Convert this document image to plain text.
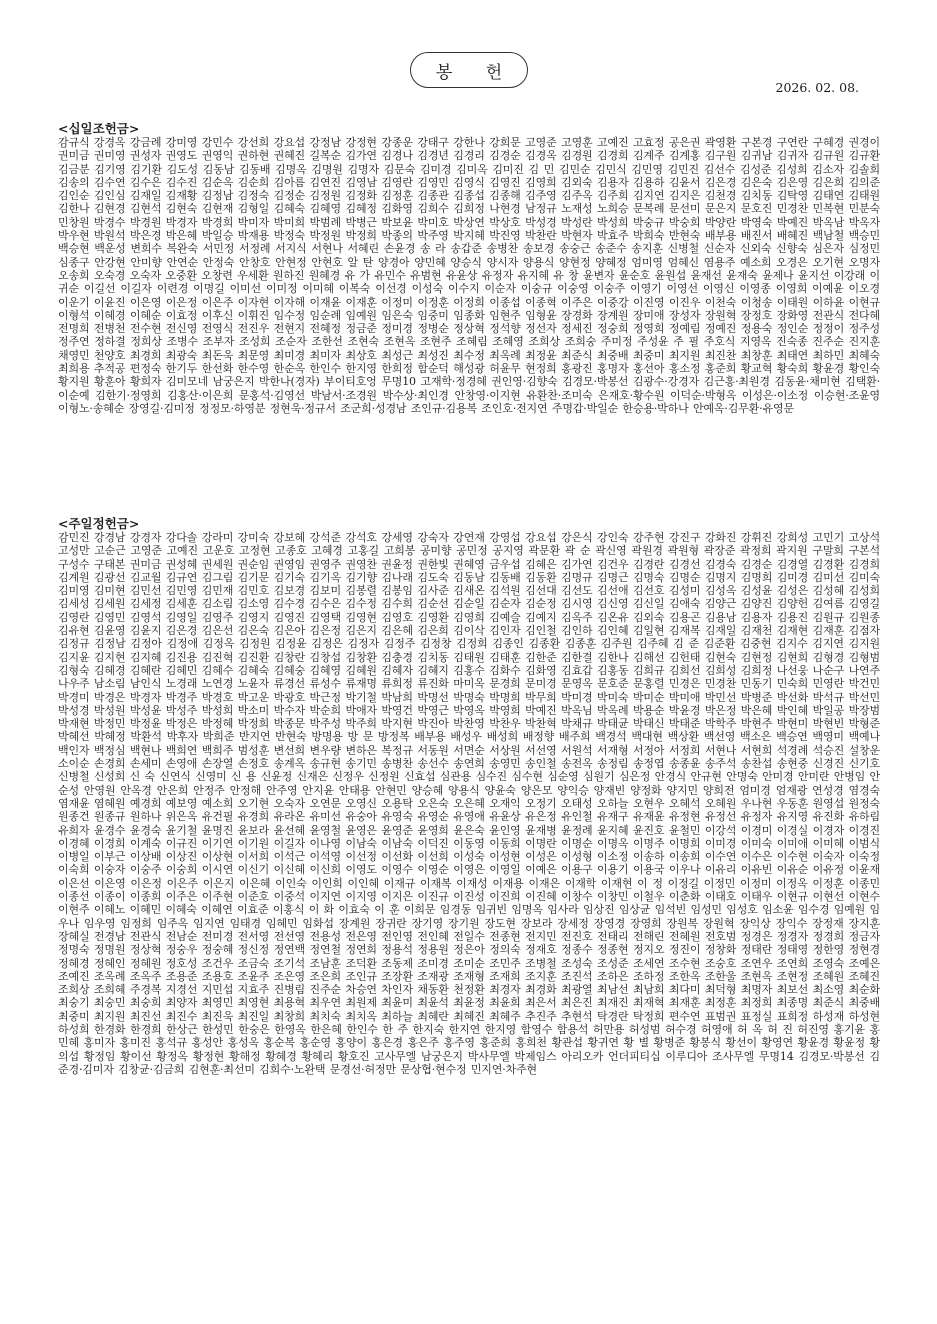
봉 헌
2026. 02. 08.
<십일조헌금>
감규식 강경옥 강금례 강미영 강민수 강선희 강요섭 강정남 강정현 강종운 강태구 강한나 강희문 고영준 고영훈 고예진 고효정 공은권 곽영환 구본경 구연란 구혜경 권경이 권미금 권미영 권성자 권영도 권영익 권하현 권혜진 길복순 김가연 김경나 김경년 김경리 김경순 김경옥 김경원 김경희 김계주 김계홍 김구원 김귀남 김귀자 김규원 김규환 김금분 김기영 김기환 김도성 김동남 김동배 김명옥 김명원 김명자 김문숙 김미경 김미옥 김미진 김 민 김민순 김민식 김민영 김민진 김선수 김성준 김성희 김소자 김솔희 김송의 김수연 김수은 김수진 김순옥 김순희 김아름 김연진 김영남 김영란 김영민 김영식 김영진 김영희 김외숙 김용자 김용하 김윤서 김은경 김은숙 김은영 김은희 김의준 김인순 김인심 김재일 김재황 김정남 김정숙 김정순 김정원 김정화 김정훈 김종관 김종섭 김종해 김주영 김주옥 김주희 김지연 김지은 김천경 김치동 김탁영 김태연 김태원 김한나 김현경 김현석 김현숙 김현재 김형일 김혜숙 김혜영 김혜정 김화영 김희수 김희정 나현경 남정규 노재성 노희승 문복례 문선미 문은지 문호진 민경찬 민복현 민분숙 민창원 박경수 박경원 박경자 박경희 박미자 박미희 박범례 박병근 박보윤 박미호 박상연 박상호 박성경 박성란 박성희 박숭규 박숭희 박양란 박영숙 박예진 박옥남 박옥자 박우현 박원석 박은경 박은혜 박일승 박재용 박정숙 박정원 박정희 박종의 박주영 박지혜 박진영 박찬란 박현자 박효주 박희숙 반현숙 배부용 배진서 배혜진 백남철 백승민 백승현 백운성 변희수 복완숙 서민정 서정례 서지식 서현나 서혜린 손윤경 송 라 송갑준 송병찬 송보경 송숭근 송준수 송지훈 신병철 신순자 신외숙 신향숙 심은자 심정민 심종구 안강현 안미향 안연순 안정숙 안창호 안현정 안현호 알 탄 양경아 양민혜 양승식 양시자 양용식 양현정 양혜정 엄미영 엄혜신 염용주 예소희 오경은 오기현 오명자 오송희 오숙경 오숙자 오중환 오창련 우세환 원하진 원혜경 유 가 유민수 유범현 유윤상 유정자 유지혜 유 창 윤변자 윤순호 윤원섭 윤재선 윤재숙 윤제나 윤지선 이강래 이귀순 이길선 이길자 이련경 이명길 이미선 이미정 이미혜 이복숙 이선경 이성숙 이수지 이순자 이숭규 이숭영 이숭주 이영기 이영선 이영신 이영종 이영희 이예윤 이오경 이운기 이윤진 이은영 이은정 이은주 이자현 이자해 이재윤 이재훈 이정미 이정훈 이정희 이종섭 이종혁 이주은 이중강 이진영 이진우 이천숙 이청송 이태원 이하윤 이현규 이형석 이혜경 이혜순 이효정 이후신 이휘진 임수정 임순례 임예원 임은숙 임중미 임종화 임현주 임형윤 장경화 장계원 장미애 장성자 장원혁 장정호 장화영 전관식 전다혜 전명희 전병천 전수현 전신영 전영식 전진우 전현지 전혜정 정금준 정미경 정병순 정상혁 정석향 정선자 정세진 정숭희 정영희 정예림 정예진 정용숙 정인순 정정이 정주성 정주연 정하결 정희상 조병수 조부자 조성희 조순자 조한선 조현숙 조현옥 조현주 조혜림 조혜영 조희상 조희숭 주미정 주성윤 주 필 주호식 지영옥 진숙종 진주순 진지훈 채영민 천양호 최경희 최광숙 최돈욱 최문영 최미경 최미자 최상호 최성근 최성진 최수정 최옥례 최정윤 최준식 최중배 최중미 최지원 최진찬 최창훈 최태연 최하민 최혜숙 최희용 추적공 편정숙 한기두 한선화 한수영 한순옥 한인수 한지영 한희정 함순덕 해성광 허윤무 현정희 홍광진 홍명자 홍선아 홍소정 홍준희 황교혁 황숙희 황윤경 황인숙 황지원 황훈아 황희자 김미모네 남궁은지 박한나(경자) 부이티호엉 무명10 고재학·정경혜 권인영·김향숙 김경모·박봉선 김광수·강경자 김근홍·최원경 김동윤·채미현 김택환·이순예 김한기·정영희 김홍산·이은희 문홍석·김영선 박남서·조경원 박수상·최인경 안창영·이지현 유환찬·조미숙 은재호·황수원 이덕순·박형옥 이성은·이소정 이승현·조윤영 이형노·송혜순 장영길·김미정 정정모·하영분 정현욱·정규서 조군희·성경남 조인규·김용복 조인호·전지연 주명갑·박일순 한승용·박하나 안예옥·김무환·유영문
<주일정헌금>
감민진 강경남 강경자 강다솔 강라미 강미숙 강보혜 강석준 강석호 강세영 강숙자 강연재 강영섭 강요섭 강은식 강인숙 강주현 강진구 강화진 강휘진 강희성 고민기 고상석 고성만 고순근 고영준 고예진 고운호 고정현 고종호 고혜경 고홍길 고희봉 공미향 공민정 공지영 곽문환 곽 순 곽신영 곽원경 곽원형 곽장준 곽정희 곽지원 구말희 구본석 구성수 구태본 권미금 권성혜 권세원 권순임 권영임 권영주 권영찬 권윤정 권한빛 권혜영 금우섭 김혜은 김가연 김건우 김경란 김경선 김경숙 김경순 김경열 김경환 김경희 김계원 김광선 김교월 김규연 김그림 김기문 김기숙 김기옥 김기향 김나래 김도숙 김동남 김동배 김동환 김명규 김명근 김명숙 김명순 김명지 김명희 김미경 김미선 김미숙 김미영 김미현 김민선 김민영 김민재 김민호 김보경 김보미 김봉렬 김봉임 김사준 김새온 김석원 김선대 김선도 김선애 김선호 김성미 김성옥 김성윤 김성은 김성혜 김성희 김세성 김세원 김세정 김세훈 김소림 김소영 김수경 김수은 김수정 김수희 김순선 김순일 김순자 김순정 김시영 김신영 김신일 김애숙 김양근 김양진 김양헌 김여름 김영길 김영란 김영민 김영석 김영일 김영주 김영지 김영진 김영택 김영현 김영호 김영환 김영희 김예슬 김예지 김옥주 김온유 김외숙 김용곤 김용남 김용자 김용진 김원규 김원종 김유현 김윤영 김윤지 김은경 김은선 김은숙 김은아 김은정 김은지 김은혜 김은희 김이삭 김인자 김인철 김인하 김인혜 김일현 김재복 김재일 김재천 김재현 김재훈 김점자 김정규 김정남 김정아 김정애 김정옥 김정원 김정윤 김정은 김정자 김정주 김정창 김정희 김종인 김종환 김종훈 김주원 김주혜 김 준 김준환 김중현 김지수 김지연 김지원 김지윤 김지현 김지혜 김진용 김진혁 김진환 김창란 김창섭 김창환 김충경 김치동 김태원 김태훈 김한준 김한결 김한나 김해선 김헌태 김현숙 김현정 김현희 김형경 김형범 김형숙 김혜경 김혜란 김혜민 김혜수 김혜숙 김혜숭 김혜영 김혜원 김혜자 김혜지 김홍수 김화수 김화영 김효갑 김홍동 김희규 김희선 김희성 김희정 나선웅 나순구 나연주 나우주 남소림 남인식 노경래 노연경 노윤자 류경선 류성수 류재명 류희정 류진화 마미옥 문경희 문미경 문영옥 문호준 문홍렬 민경은 민경찬 민동기 민숙희 민영란 박건민 박경미 박경은 박경자 박경주 박경호 박고운 박광호 박근정 박기철 박남희 박명선 박명숙 박명희 박무희 박미경 박미숙 박미순 박미애 박민선 박병준 박선화 박석규 박선민 박성경 박성원 박성윤 박성주 박성희 박소미 박수자 박순희 박애자 박영건 박영근 박영옥 박영희 박예진 박옥님 박옥례 박용순 박윤경 박은정 박은혜 박인혜 박일공 박장범 박재현 박정민 박정윤 박정은 박정혜 박정희 박종문 박주성 박주희 박지현 박진아 박찬영 박찬우 박찬혁 박채규 박태균 박태신 박태준 박학주 박현주 박현미 박현빈 박형준 박혜선 박혜정 박환석 박후자 박희준 반지연 반현숙 방명용 방 문 방정복 배부용 배성우 배성희 배정향 배주희 백경석 백대현 백상환 백선영 백소은 백승연 백영미 백예나 백인자 백정심 백현나 백희연 백희주 범성훈 변선희 변우량 변하은 복정규 서동원 서면순 서상원 서선영 서원석 서재형 서정아 서정희 서현나 서현희 석경례 석승진 설창운 소이순 손경희 손세미 손영애 손장열 손정호 송계옥 송규현 송기민 송병찬 송선수 송연희 송영민 송인철 송전옥 송정림 송정엽 송종윤 송주석 송찬섭 송현중 신경진 신기호 신병철 신성희 신 숙 신연식 신영미 신 용 신윤정 신재은 신정우 신정원 신효섭 심관용 심수진 심수현 심순영 심원기 심은정 안경식 안규현 안명숙 안미경 안미란 안병임 안순성 안영원 안옥경 안은희 안정주 안정해 안주영 안지윤 안태용 안현민 양승혜 양용식 양윤숙 양은모 양익승 양재빈 양정화 양지민 양희전 엄미경 엄재광 연성경 염경숙 염재윤 염혜원 예경희 예보영 예소희 오기현 오숙자 오연문 오영신 오용탁 오은숙 오은혜 오재익 오정기 오태성 오하늘 오현우 오혜석 오혜원 우나현 우동훈 원영섭 원정숙 원종건 원종규 원하나 위은옥 유건필 유경희 유라온 유미선 유숭아 유영숙 유영순 유영애 유윤상 유은정 유인철 유재구 유재윤 유정현 유정선 유정자 유지영 유진화 유하림 유희자 윤경수 윤경숙 윤기철 윤명진 윤보라 윤선혜 윤영철 윤영은 윤영준 윤영희 윤은숙 윤인영 윤재병 윤정례 윤지혜 윤진호 윤철민 이강석 이경미 이경실 이경자 이경진 이경혜 이경희 이계숙 이규진 이기연 이기원 이길자 이나영 이남숙 이남숙 이덕진 이동영 이동희 이명란 이명순 이명옥 이명주 이명희 이미경 이미숙 이미애 이미혜 이범식 이병일 이부근 이상배 이상진 이상현 이서희 이석근 이석영 이선정 이선화 이선희 이성숙 이성현 이성은 이성형 이소정 이송하 이송희 이수연 이수은 이수현 이숙자 이숙정 이숙희 이숭자 이숭주 이숭희 이시연 이신기 이신혜 이신희 이영도 이영수 이영순 이영은 이영일 이예은 이용구 이용기 이용국 이우나 이유리 이유빈 이유순 이유정 이윤재 이은선 이은영 이은정 이은주 이은지 이은혜 이인숙 이인희 이인혜 이재규 이재복 이재성 이재용 이재은 이재학 이재현 이 정 이정길 이정민 이정미 이정옥 이정훈 이종민 이종선 이종이 이종희 이주은 이주현 이준호 이중석 이지연 이지영 이지은 이진규 이진성 이진희 이진혜 이창수 이창민 이철우 이춘화 이태호 이태우 이현규 이현선 이현수 이현주 이혜노 이혜민 이혜숙 이혜연 이효준 이홍식 이 화 이효숙 이 훈 이희문 임경동 임귀빈 임명옥 임사라 임상진 임상균 임석빈 임성민 임성호 임소윤 임수경 임예원 임우나 임우영 임정희 임주옥 임지연 임태경 임혜민 임화섭 장계원 장귀란 장기영 장기원 장도현 장보라 장세정 장영경 장영희 장원복 장원혁 장익상 장익수 장정재 장지훈 장혜실 전경남 전관식 전남순 전미경 전서영 전선영 전용성 전은영 전인영 전인혜 전일수 전종현 전지민 전진호 전태리 전해린 전혜원 전호범 정경은 정경자 정경희 정금자 정명숙 정명원 정상혁 정숭우 정숭혜 정신정 정연백 정연철 정연희 정용석 정용원 정은아 정의숙 정재호 정종수 정종현 정지오 정진이 정창화 정태란 정태영 정한영 정현경 정혜경 정혜인 정혜원 정호성 조건우 조금숙 조기석 조남훈 조덕환 조동제 조미경 조미순 조민주 조병철 조성숙 조성준 조세연 조수현 조숭호 조연우 조연희 조영숙 조예은 조예진 조옥례 조옥주 조용준 조용호 조윤주 조은영 조은희 조인규 조장환 조재광 조재형 조재희 조지훈 조진석 조하은 조하정 조한옥 조한울 조현옥 조현정 조혜원 조혜진 조희상 조희혜 주경복 지경선 지민섭 지효주 진병림 진주순 차승연 차인자 채동환 천정환 최경자 최경화 최광열 최남선 최남희 최다미 최덕형 최명자 최보선 최소영 최순화 최숭기 최숭민 최숭희 최양자 최영민 최영현 최용혁 최우연 최원제 최윤미 최윤석 최윤정 최윤희 최은서 최은진 최재진 최재혁 최재훈 최정훈 최정희 최종명 최준식 최중배 최중미 최지원 최진선 최진수 최진욱 최진일 최창희 최치숙 최치옥 최하늘 최혜란 최혜진 최혜주 추진주 추현석 탁경란 탁정희 편수연 표범권 표정실 표희정 하성재 하성현 하성희 한경화 한경희 한상근 한성민 한숭은 한영옥 한은혜 한인수 한 주 한지숙 한지연 한지영 함영수 함용석 허만용 허성범 허수경 허영애 허 옥 허 진 허진영 홍기윤 홍민혜 홍미자 홍미진 홍석규 홍성안 홍성옥 홍순복 홍순영 홍양이 홍은경 홍은주 홍주영 홍준희 홍희천 황관섭 황귀연 황 별 황병준 황봉식 황선이 황영연 황윤경 황윤정 황의섭 황정임 황이선 황정옥 황정현 황해정 황혜경 황혜리 황호진 고사무엘 남궁은지 박사무엘 박제임스 아리오카 언더피티십 이루디아 조사무엘 무명14 김경모·박봉선 김준경·김미자 김창균·김금희 김현훈·최선미 김희수·노완택 문경선·허정만 문상협·현수정 민지연·차주현
